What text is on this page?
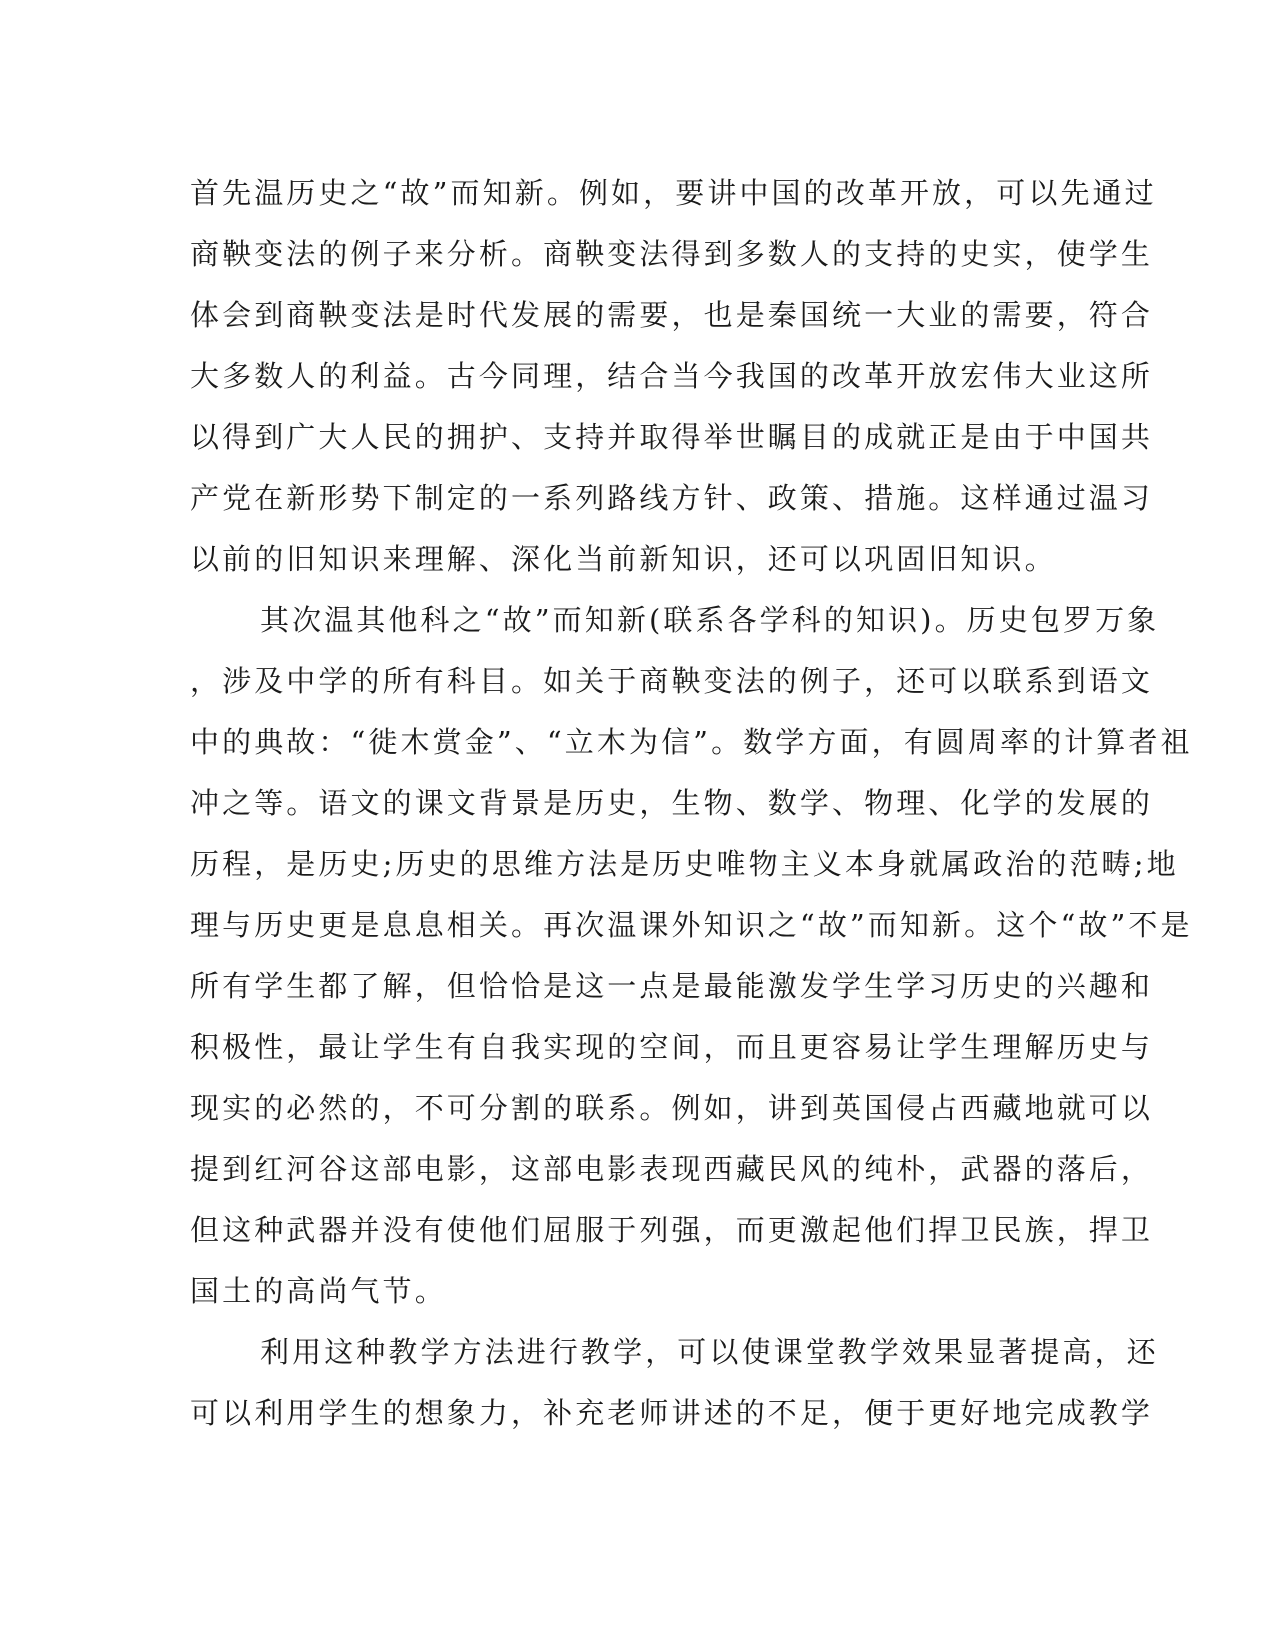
首先温历史之“故”而知新。例如，要讲中国的改革开放，可以先通过
商鞅变法的例子来分析。商鞅变法得到多数人的支持的史实，使学生
体会到商鞅变法是时代发展的需要，也是秦国统一大业的需要，符合
大多数人的利益。古今同理，结合当今我国的改革开放宏伟大业这所
以得到广大人民的拥护、支持并取得举世瞩目的成就正是由于中国共
产党在新形势下制定的一系列路线方针、政策、措施。这样通过温习
以前的旧知识来理解、深化当前新知识，还可以巩固旧知识。
其次温其他科之“故”而知新(联系各学科的知识)。历史包罗万象
，涉及中学的所有科目。如关于商鞅变法的例子，还可以联系到语文
中的典故：“徙木赏金”、“立木为信”。数学方面，有圆周率的计算者祖
冲之等。语文的课文背景是历史，生物、数学、物理、化学的发展的
历程，是历史;历史的思维方法是历史唯物主义本身就属政治的范畴;地
理与历史更是息息相关。再次温课外知识之“故”而知新。这个“故”不是
所有学生都了解，但恰恰是这一点是最能激发学生学习历史的兴趣和
积极性，最让学生有自我实现的空间，而且更容易让学生理解历史与
现实的必然的，不可分割的联系。例如，讲到英国侵占西藏地就可以
提到红河谷这部电影，这部电影表现西藏民风的纯朴，武器的落后，
但这种武器并没有使他们屈服于列强，而更激起他们捍卫民族，捍卫
国土的高尚气节。
利用这种教学方法进行教学，可以使课堂教学效果显著提高，还
可以利用学生的想象力，补充老师讲述的不足，便于更好地完成教学
